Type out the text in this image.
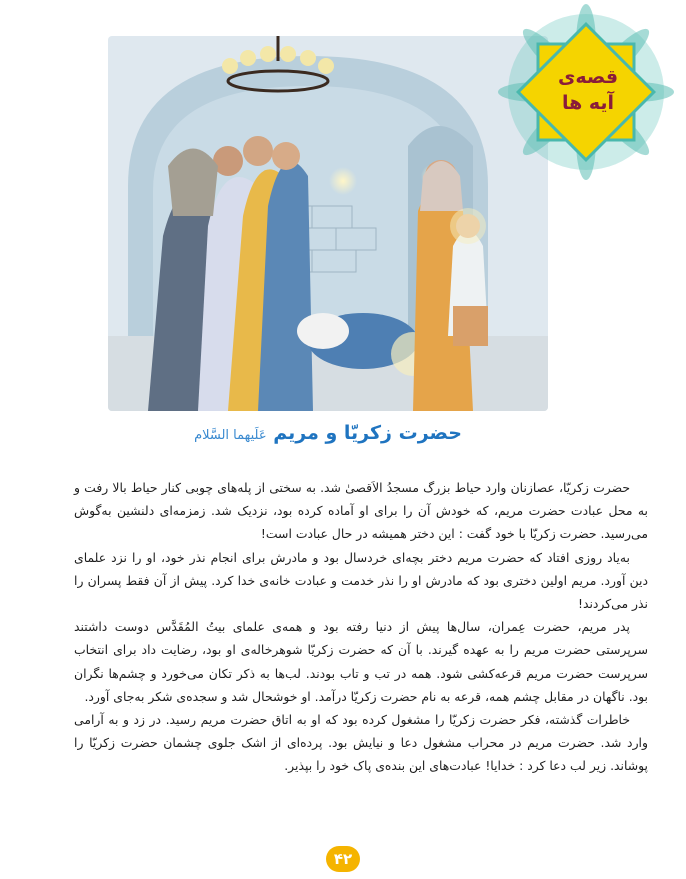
قصه‌ی
آیه ها
حضرت زکریّا و مریم عَلَیهما السَّلام

حضرت زکریّا، عصازنان وارد حیاط بزرگ مسجدُ الاَقصیٰ شد. به سختی از پله‌های چوبی کنار حیاط بالا رفت و به محل عبادت حضرت مریم، که خودش آن را برای او آماده کرده بود، نزدیک شد. زمزمه‌ای دلنشین به‌گوش می‌رسید. حضرت زکریّا با خود گفت : این دختر همیشه در حال عبادت است!

به‌یاد روزی افتاد که حضرت مریم دختر بچه‌ای خردسال بود و مادرش برای انجام نذر خود، او را نزد علمای دین آورد. مریم اولین دختری بود که مادرش او را نذر خدمت و عبادت خانه‌ی خدا کرد. پیش از آن فقط پسران را نذر می‌کردند!

پدر مریم، حضرت عِمران، سال‌ها پیش از دنیا رفته بود و همه‌ی علمای بیتُ المُقَدَّس دوست داشتند سرپرستی حضرت مریم را به عهده گیرند. با آن که حضرت زکریّا شوهرخاله‌ی او بود، رضایت داد برای انتخاب سرپرست حضرت مریم قرعه‌کشی شود. همه در تب و تاب بودند. لب‌ها به ذکر تکان می‌خورد و چشم‌ها نگران بود. ناگهان در مقابل چشم همه، قرعه به نام حضرت زکریّا درآمد. او خوشحال شد و سجده‌ی شکر به‌جای آورد.

خاطرات گذشته، فکر حضرت زکریّا را مشغول کرده بود که او به اتاق حضرت مریم رسید. در زد و به آرامی وارد شد. حضرت مریم در محراب مشغول دعا و نیایش بود. پرده‌ای از اشک جلوی چشمان حضرت زکریّا را پوشاند. زیر لب دعا کرد : خدایا! عبادت‌های این بنده‌ی پاک خود را بپذیر.

۴۲
